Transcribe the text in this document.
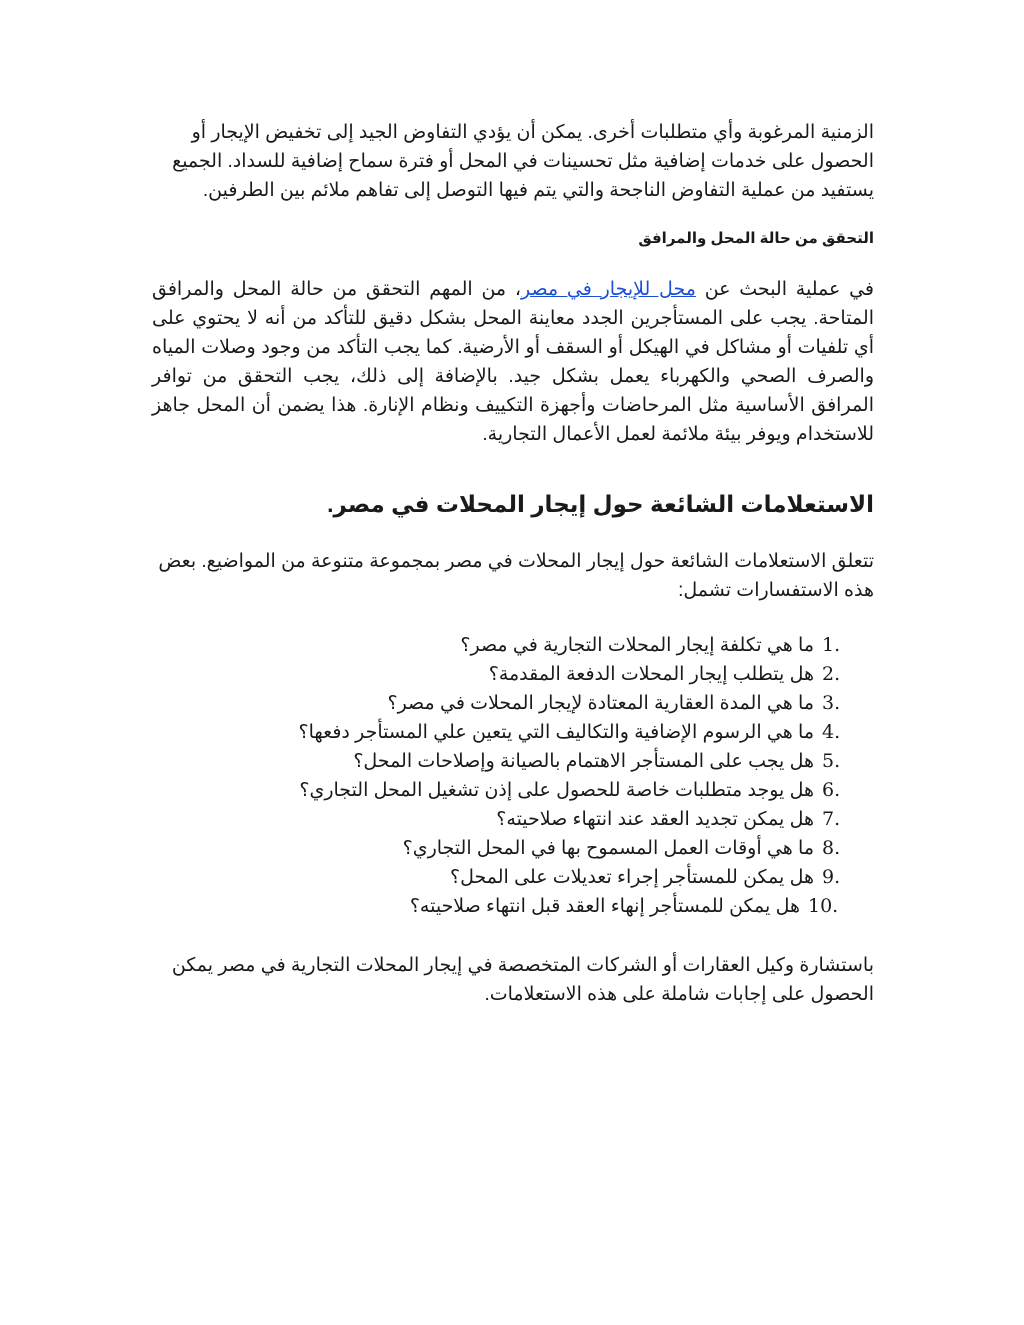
الزمنية المرغوبة وأي متطلبات أخرى. يمكن أن يؤدي التفاوض الجيد إلى تخفيض الإيجار أو الحصول على خدمات إضافية مثل تحسينات في المحل أو فترة سماح إضافية للسداد. الجميع يستفيد من عملية التفاوض الناجحة والتي يتم فيها التوصل إلى تفاهم ملائم بين الطرفين.

التحقق من حالة المحل والمرافق

في عملية البحث عن محل للإيجار في مصر، من المهم التحقق من حالة المحل والمرافق المتاحة. يجب على المستأجرين الجدد معاينة المحل بشكل دقيق للتأكد من أنه لا يحتوي على أي تلفيات أو مشاكل في الهيكل أو السقف أو الأرضية. كما يجب التأكد من وجود وصلات المياه والصرف الصحي والكهرباء يعمل بشكل جيد. بالإضافة إلى ذلك، يجب التحقق من توافر المرافق الأساسية مثل المرحاضات وأجهزة التكييف ونظام الإنارة. هذا يضمن أن المحل جاهز للاستخدام ويوفر بيئة ملائمة لعمل الأعمال التجارية.

الاستعلامات الشائعة حول إيجار المحلات في مصر.

تتعلق الاستعلامات الشائعة حول إيجار المحلات في مصر بمجموعة متنوعة من المواضيع. بعض هذه الاستفسارات تشمل:

1.
ما هي تكلفة إيجار المحلات التجارية في مصر؟
2.
هل يتطلب إيجار المحلات الدفعة المقدمة؟
3.
ما هي المدة العقارية المعتادة لإيجار المحلات في مصر؟
4.
ما هي الرسوم الإضافية والتكاليف التي يتعين علي المستأجر دفعها؟
5.
هل يجب على المستأجر الاهتمام بالصيانة وإصلاحات المحل؟
6.
هل يوجد متطلبات خاصة للحصول على إذن تشغيل المحل التجاري؟
7.
هل يمكن تجديد العقد عند انتهاء صلاحيته؟
8.
ما هي أوقات العمل المسموح بها في المحل التجاري؟
9.
هل يمكن للمستأجر إجراء تعديلات على المحل؟
10.
هل يمكن للمستأجر إنهاء العقد قبل انتهاء صلاحيته؟

باستشارة وكيل العقارات أو الشركات المتخصصة في إيجار المحلات التجارية في مصر يمكن الحصول على إجابات شاملة على هذه الاستعلامات.
